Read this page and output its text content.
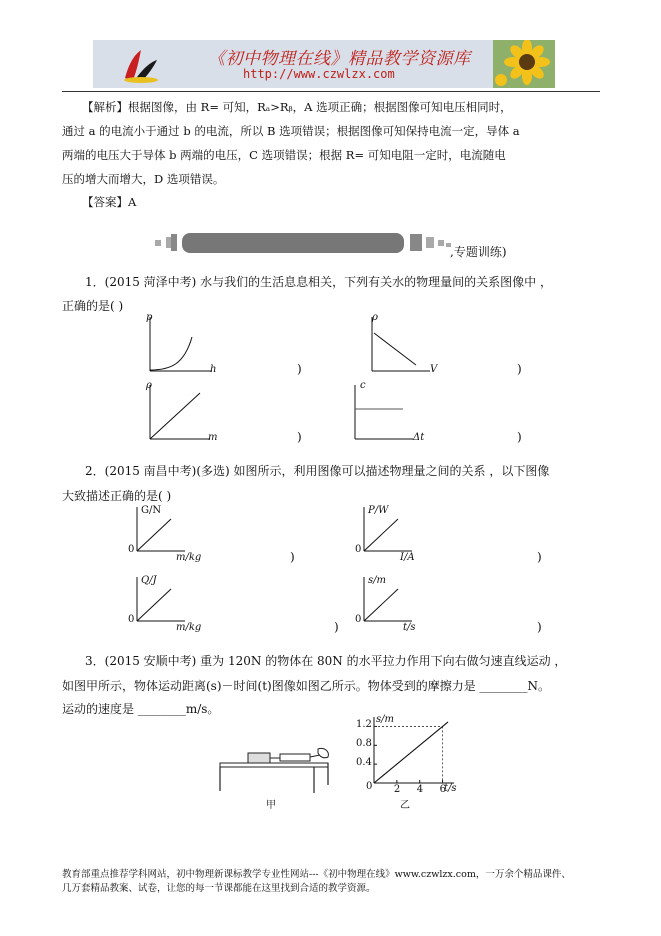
《初中物理在线》精品教学资源库
http://www.czwlzx.com
【解析】根据图像，由 R= 可知，Rₐ>Rᵦ，A 选项正确；根据图像可知电压相同时，
通过 a 的电流小于通过 b 的电流，所以 B 选项错误；根据图像可知保持电流一定，导体 a
两端的电压大于导体 b 两端的电压，C 选项错误；根据 R= 可知电阻一定时，电流随电
压的增大而增大，D 选项错误。
【答案】A
,专题训练)
1．(2015 菏泽中考) 水与我们的生活息息相关，下列有关水的物理量间的关系图像中 ，
正确的是( )
p
h	)
ρ
V	)
ρ
m	)
c
Δt	)
2．(2015 南昌中考)(多选) 如图所示，利用图像可以描述物理量之间的关系 ，以下图像
大致描述正确的是( )
G/N
0
m/kg	)
P/W
0
I/A	)
Q/J
0
m/kg	)
s/m
0
t/s	)
3．(2015 安顺中考) 重为 120N 的物体在 80N 的水平拉力作用下向右做匀速直线运动 ，
如图甲所示，物体运动距离(s)－时间(t)图像如图乙所示。物体受到的摩擦力是 ________N。
运动的速度是 ________m/s。
甲
s/m
t/s
0
0.4
0.8
1.2
2 4 6
乙
教育部重点推荐学科网站，初中物理新课标教学专业性网站---《初中物理在线》www.czwlzx.com，一万余个精品课件、
几万套精品教案、试卷，让您的每一节课都能在这里找到合适的教学资源。
